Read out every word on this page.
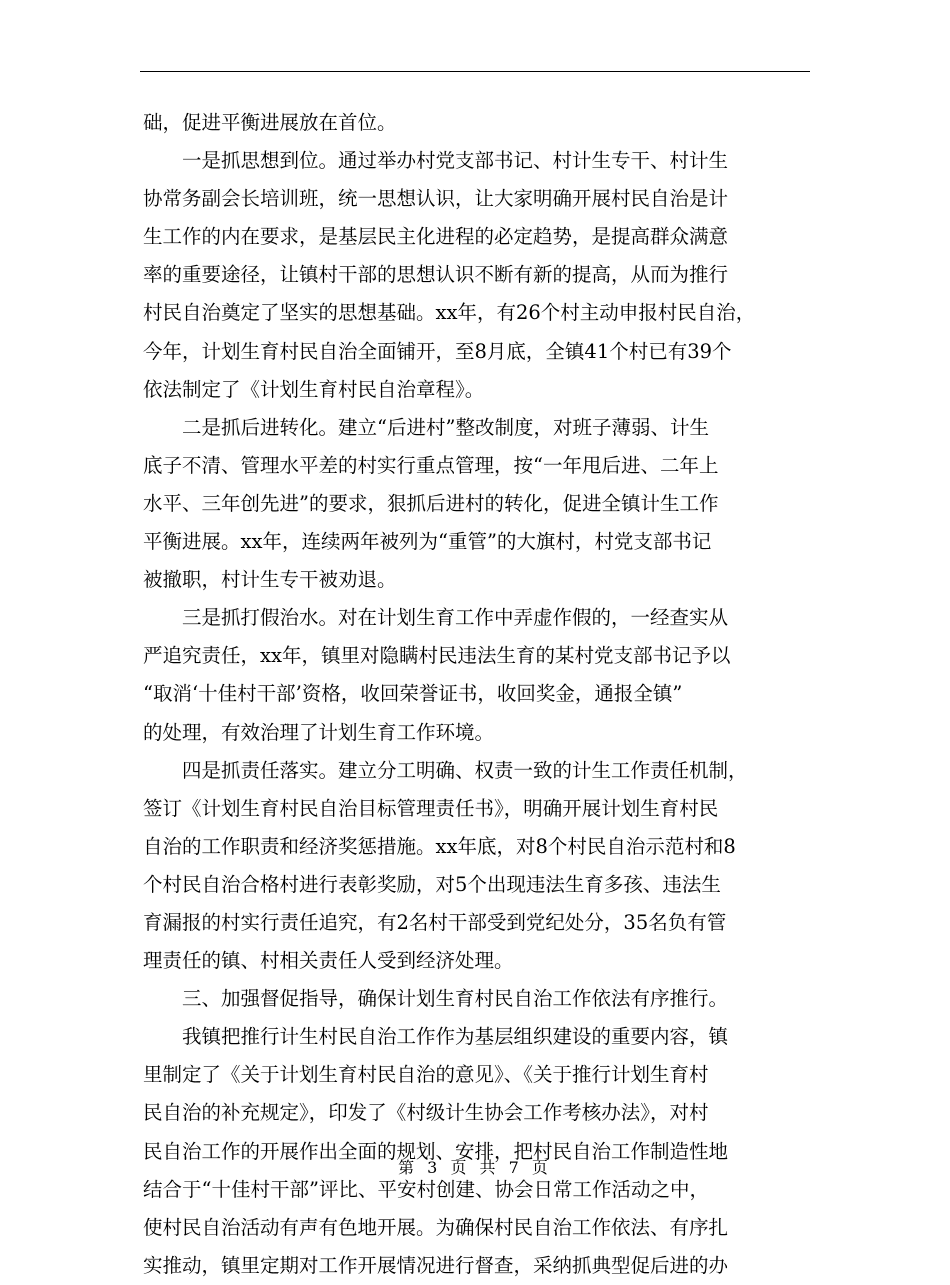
础，促进平衡进展放在首位。
　　一是抓思想到位。通过举办村党支部书记、村计生专干、村计生
协常务副会长培训班，统一思想认识，让大家明确开展村民自治是计
生工作的内在要求，是基层民主化进程的必定趋势，是提高群众满意
率的重要途径，让镇村干部的思想认识不断有新的提高，从而为推行
村民自治奠定了坚实的思想基础。xx年，有26个村主动申报村民自治，
今年，计划生育村民自治全面铺开，至8月底，全镇41个村已有39个
依法制定了《计划生育村民自治章程》。
　　二是抓后进转化。建立“后进村”整改制度，对班子薄弱、计生
底子不清、管理水平差的村实行重点管理，按“一年甩后进、二年上
水平、三年创先进”的要求，狠抓后进村的转化，促进全镇计生工作
平衡进展。xx年，连续两年被列为“重管”的大旗村，村党支部书记
被撤职，村计生专干被劝退。
　　三是抓打假治水。对在计划生育工作中弄虚作假的，一经查实从
严追究责任，xx年，镇里对隐瞒村民违法生育的某村党支部书记予以
“取消‘十佳村干部’资格，收回荣誉证书，收回奖金，通报全镇”
的处理，有效治理了计划生育工作环境。
　　四是抓责任落实。建立分工明确、权责一致的计生工作责任机制，
签订《计划生育村民自治目标管理责任书》，明确开展计划生育村民
自治的工作职责和经济奖惩措施。xx年底，对8个村民自治示范村和8
个村民自治合格村进行表彰奖励，对5个出现违法生育多孩、违法生
育漏报的村实行责任追究，有2名村干部受到党纪处分，35名负有管
理责任的镇、村相关责任人受到经济处理。
　　三、加强督促指导，确保计划生育村民自治工作依法有序推行。
　　我镇把推行计生村民自治工作作为基层组织建设的重要内容，镇
里制定了《关于计划生育村民自治的意见》、《关于推行计划生育村
民自治的补充规定》，印发了《村级计生协会工作考核办法》，对村
民自治工作的开展作出全面的规划、安排，把村民自治工作制造性地
结合于“十佳村干部”评比、平安村创建、协会日常工作活动之中，
使村民自治活动有声有色地开展。为确保村民自治工作依法、有序扎
实推动，镇里定期对工作开展情况进行督查，采纳抓典型促后进的办
第 3 页 共 7 页
